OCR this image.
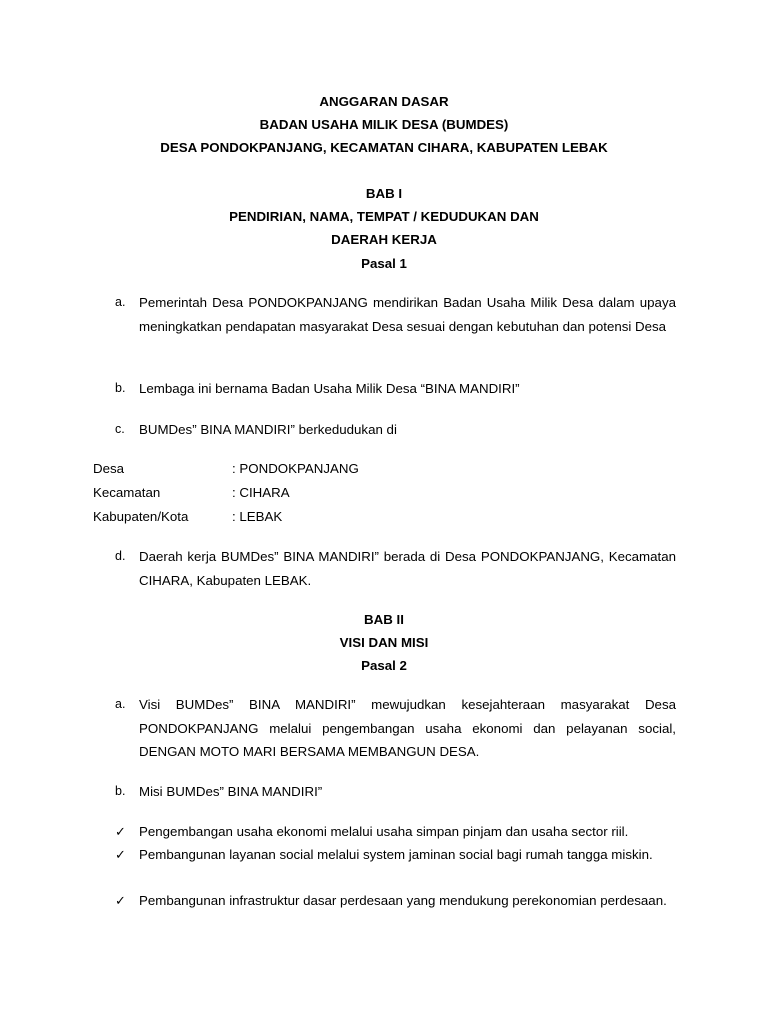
ANGGARAN DASAR
BADAN USAHA MILIK DESA (BUMDES)
DESA PONDOKPANJANG, KECAMATAN CIHARA, KABUPATEN LEBAK
BAB I
PENDIRIAN, NAMA, TEMPAT / KEDUDUKAN DAN
DAERAH KERJA
Pasal 1
a. Pemerintah Desa PONDOKPANJANG mendirikan Badan Usaha Milik Desa dalam upaya meningkatkan pendapatan masyarakat Desa sesuai dengan kebutuhan dan potensi Desa
b. Lembaga ini bernama Badan Usaha Milik Desa “BINA MANDIRI”
c. BUMDes” BINA MANDIRI” berkedudukan di
Desa	: PONDOKPANJANG
Kecamatan	: CIHARA
Kabupaten/Kota	: LEBAK
d. Daerah kerja BUMDes” BINA MANDIRI” berada di Desa PONDOKPANJANG, Kecamatan CIHARA, Kabupaten LEBAK.
BAB II
VISI DAN MISI
Pasal 2
a. Visi BUMDes” BINA MANDIRI” mewujudkan kesejahteraan masyarakat Desa PONDOKPANJANG melalui pengembangan usaha ekonomi dan pelayanan social, DENGAN MOTO MARI BERSAMA MEMBANGUN DESA.
b. Misi BUMDes” BINA MANDIRI”
✓ Pengembangan usaha ekonomi melalui usaha simpan pinjam dan usaha sector riil.
✓ Pembangunan layanan social melalui system jaminan social bagi rumah tangga miskin.
✓ Pembangunan infrastruktur dasar perdesaan yang mendukung perekonomian perdesaan.
